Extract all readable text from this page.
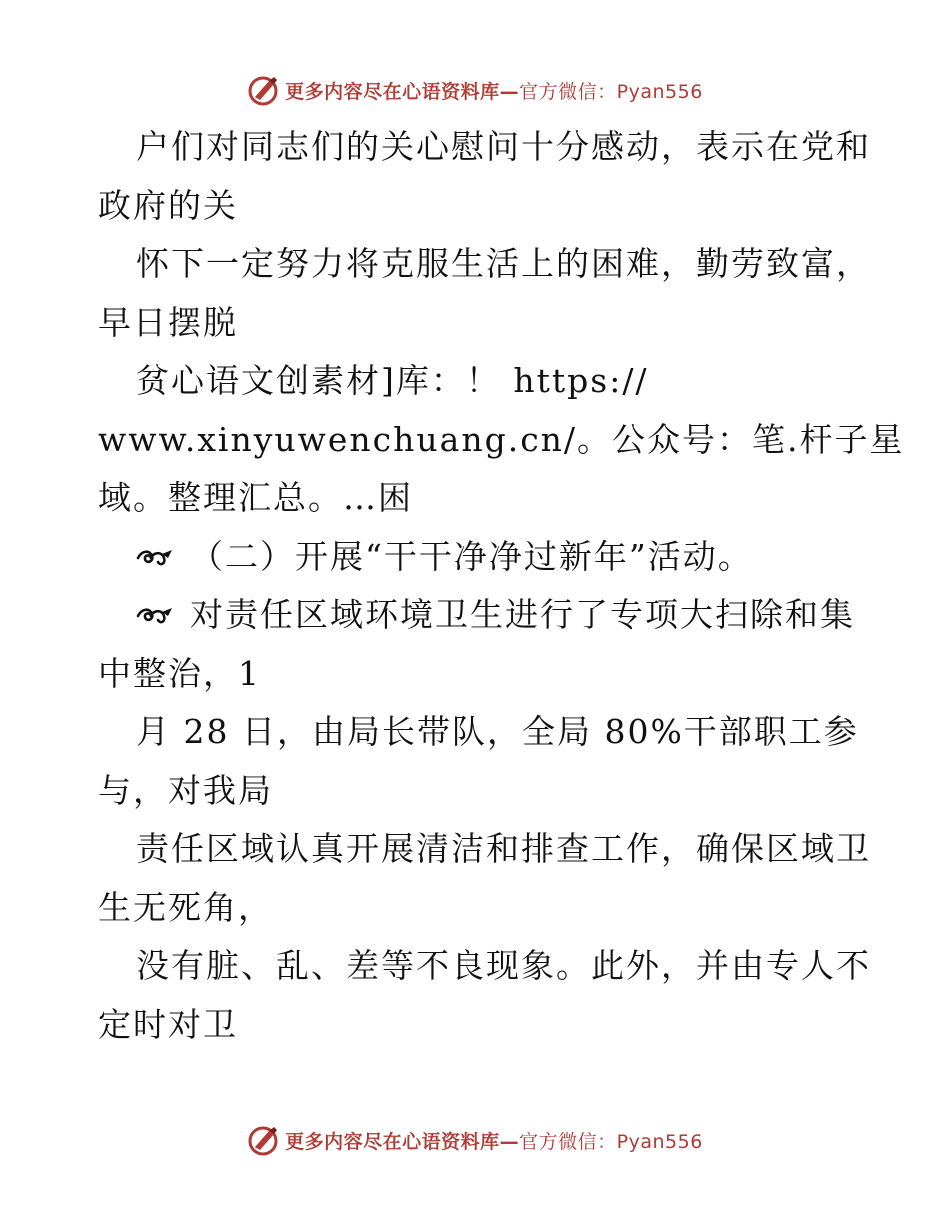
更多内容尽在心语资料库—官方微信：Pyan556
户们对同志们的关心慰问十分感动，表示在党和
政府的关
怀下一定努力将克服生活上的困难，勤劳致富，
早日摆脱
贫心语文创素材]库：！ https://
www.xinyuwenchuang.cn/。公众号：笔.杆子星
域。整理汇总。…困
（二）开展“干干净净过新年”活动。
对责任区域环境卫生进行了专项大扫除和集
中整治，1
月 28 日，由局长带队，全局 80%干部职工参
与，对我局
责任区域认真开展清洁和排查工作，确保区域卫
生无死角，
没有脏、乱、差等不良现象。此外，并由专人不
定时对卫
更多内容尽在心语资料库—官方微信：Pyan556
